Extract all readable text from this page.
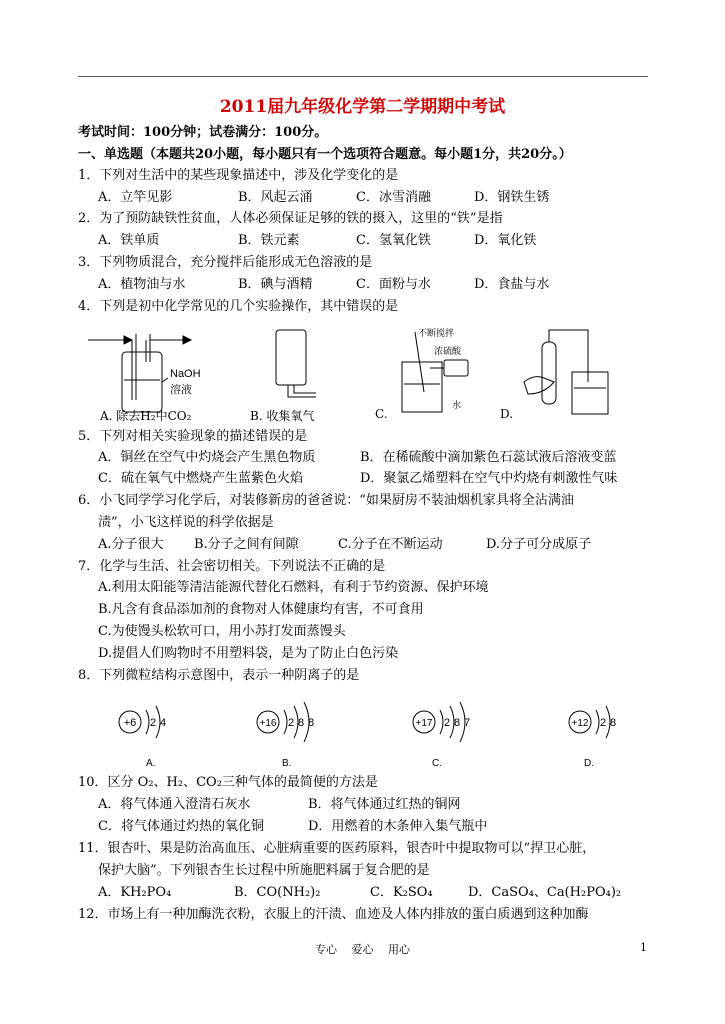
2011届九年级化学第二学期期中考试
考试时间：100分钟；试卷满分：100分。
一、单选题（本题共20小题，每小题只有一个选项符合题意。每小题1分，共20分。）
1．下列对生活中的某些现象描述中，涉及化学变化的是
A．立竿见影	B．风起云涌	C．冰雪消融	D．钢铁生锈
2．为了预防缺铁性贫血，人体必须保证足够的铁的摄入，这里的“铁”是指
A．铁单质	B．铁元素	C．氢氧化铁	D．氧化铁
3．下列物质混合，充分搅拌后能形成无色溶液的是
A．植物油与水	B．碘与酒精	C．面粉与水	D．食盐与水
4．下列是初中化学常见的几个实验操作，其中错误的是
NaOH
溶液
不断搅拌
浓硫酸
水
A. 除去H₂中CO₂	B. 收集氧气	C.	D.
5．下列对相关实验现象的描述错误的是
A．铜丝在空气中灼烧会产生黑色物质	B．在稀硫酸中滴加紫色石蕊试液后溶液变蓝
C．硫在氧气中燃烧产生蓝紫色火焰	D．聚氯乙烯塑料在空气中灼烧有刺激性气味
6．小飞同学学习化学后，对装修新房的爸爸说：“如果厨房不装油烟机家具将全沾满油
渍”，小飞这样说的科学依据是
A.分子很大 B.分子之间有间隙	C.分子在不断运动	D.分子可分成原子
7．化学与生活、社会密切相关。下列说法不正确的是
A.利用太阳能等清洁能源代替化石燃料，有利于节约资源、保护环境
B.凡含有食品添加剂的食物对人体健康均有害，不可食用
C.为使馒头松软可口，用小苏打发面蒸馒头
D.提倡人们购物时不用塑料袋，是为了防止白色污染
8．下列微粒结构示意图中，表示一种阴离子的是
+6 2 4
A.
+16 2 8 8
B.
+17 2 8 7
C.
+12 2 8
D.
10．区分 O₂、H₂、CO₂三种气体的最简便的方法是
A．将气体通入澄清石灰水	B．将气体通过红热的铜网
C．将气体通过灼热的氧化铜	D．用燃着的木条伸入集气瓶中
11．银杏叶、果是防治高血压、心脏病重要的医药原料，银杏叶中提取物可以“捍卫心脏，
保护大脑”。下列银杏生长过程中所施肥料属于复合肥的是
A．KH₂PO₄	B．CO(NH₂)₂	C．K₂SO₄	D．CaSO₄、Ca(H₂PO₄)₂
12．市场上有一种加酶洗衣粉，衣服上的汗渍、血迹及人体内排放的蛋白质遇到这种加酶
专心　 爱心　 用心	1
